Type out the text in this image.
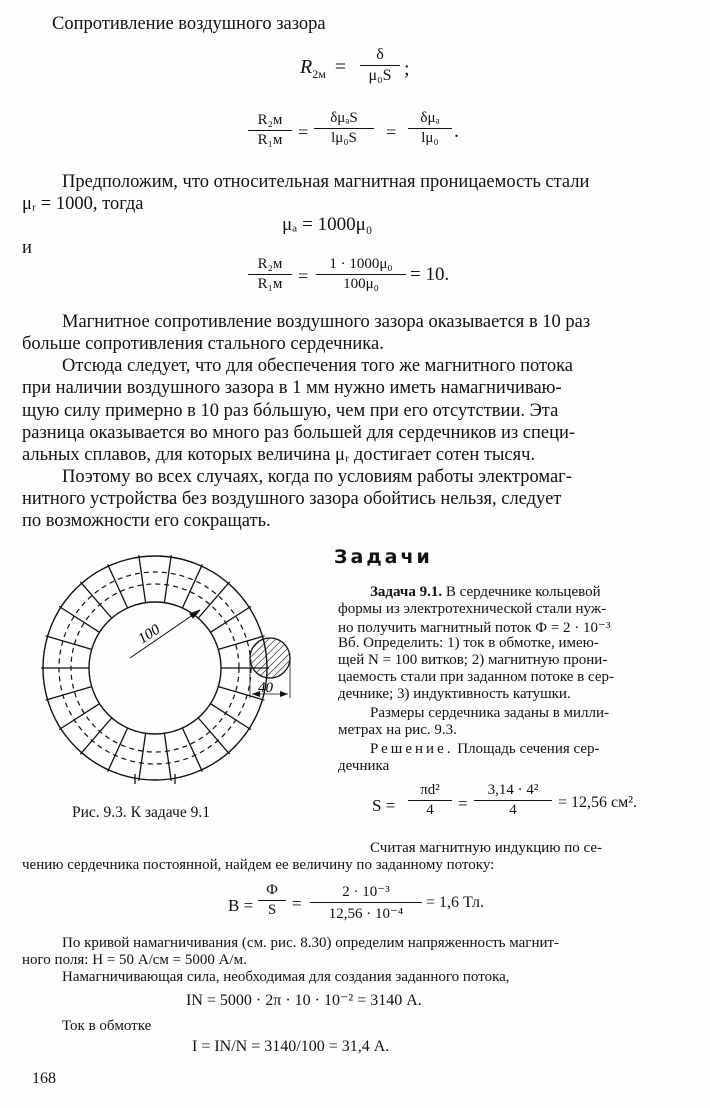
Сопротивление воздушного зазора
$R_{2м} = \frac{\delta}{\text{μ₀S}}$ ;
R₂м
R₁м =
δμₐS
lμ₀S	=
δμₐ
lμ₀ .
Предположим, что относительная магнитная проницаемость стали
μᵣ = 1000, тогда
μₐ = 1000μ₀
и
R₂м
$R_1м = \frac{\text{1 · 1000μ₀}}{\text{100μ₀}} = 10$.
Магнитное сопротивление воздушного зазора оказывается в 10 раз
больше сопротивления стального сердечника.
Отсюда следует, что для обеспечения того же магнитного потока
при наличии воздушного зазора в 1 мм нужно иметь намагничиваю-
щую силу примерно в 10 раз бóльшую, чем при его отсутствии. Эта
разница оказывается во много раз большей для сердечников из специ-
альных сплавов, для которых величина μᵣ достигает сотен тысяч.
Поэтому во всех случаях, когда по условиям работы электромаг-
нитного устройства без воздушного зазора обойтись нельзя, следует
по возможности его сокращать.
100
40
Рис. 9.3. К задаче 9.1
Задачи
Задача 9.1. В сердечнике кольцевой
формы из электротехнической стали нуж-
но получить магнитный поток Ф = 2 · 10⁻³
Вб. Определить: 1) ток в обмотке, имею-
щей N = 100 витков; 2) магнитную прони-
цаемость стали при заданном потоке в сер-
дечнике; 3) индуктивность катушки.
Размеры сердечника заданы в милли-
метрах на рис. 9.3.
Решение. Площадь сечения сер-
дечника
$S = \frac{\text{πd²}}{4} = \frac{\text{3,14 · 4²}}{4} = 12,56$ см².
Считая магнитную индукцию по се-
чению сердечника постоянной, найдем ее величину по заданному потоку:
B =
Ф
$S = \frac{\text{2 · 10⁻³}}{\text{12,56 · 10⁻⁴}} = 1,6$ Тл.
По кривой намагничивания (см. рис. 8.30) определим напряженность магнит-
ного поля: H = 50 А/см = 5000 А/м.
Намагничивающая сила, необходимая для создания заданного потока,
IN = 5000 · 2π · 10 · 10⁻² = 3140 А.
Ток в обмотке
I = IN/N = 3140/100 = 31,4 А.
168
